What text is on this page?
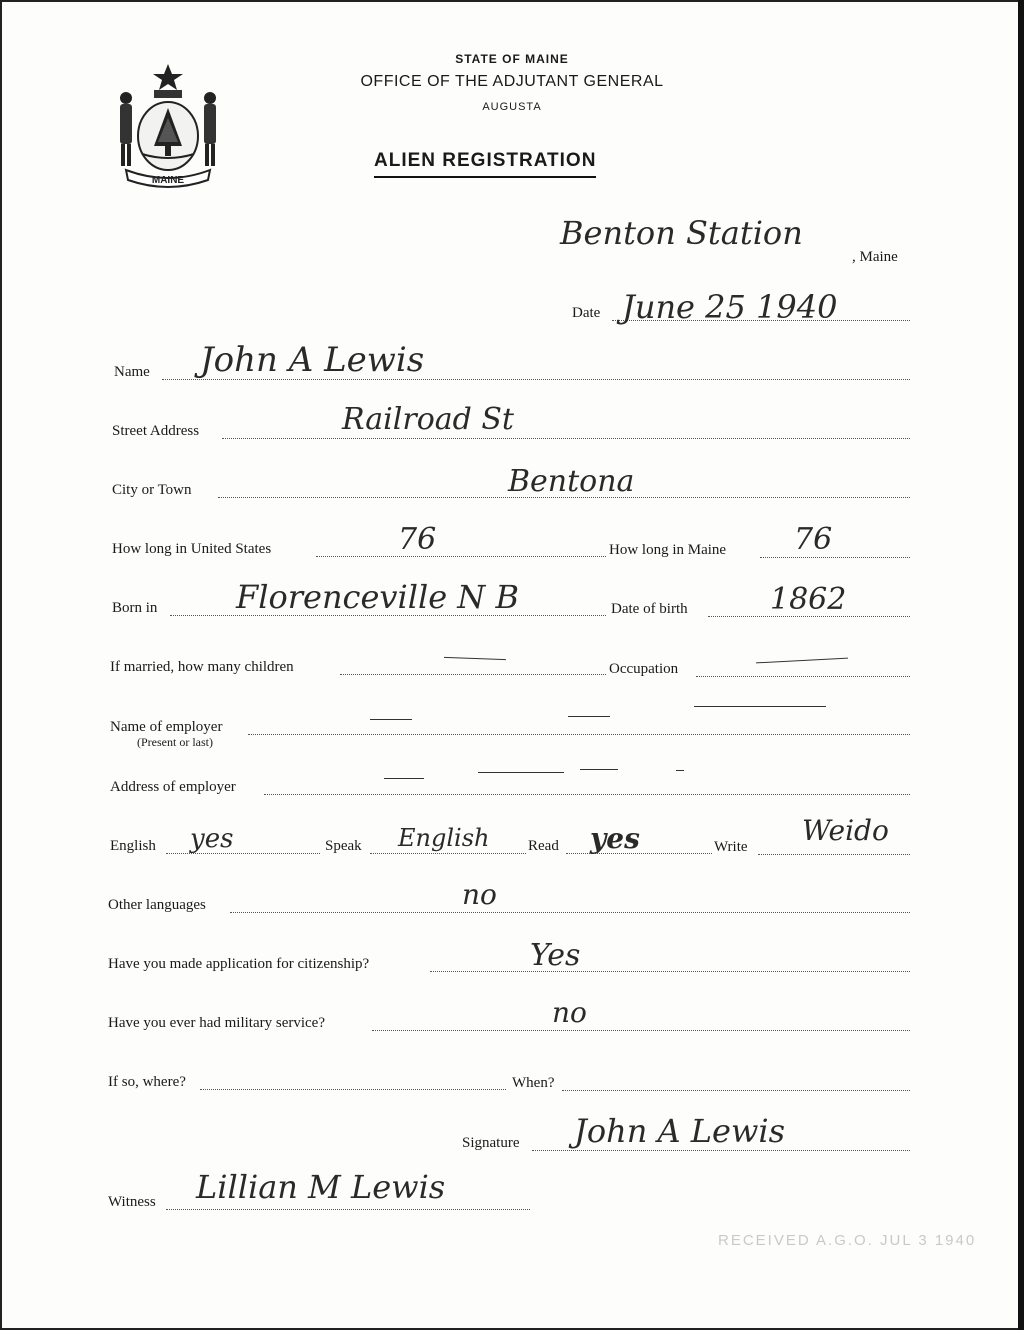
MAINE
STATE OF MAINE
OFFICE OF THE ADJUTANT GENERAL
AUGUSTA
ALIEN REGISTRATION
Benton Station
, Maine
Date June 25 1940
Name John A Lewis
Street Address	Railroad St
City or Town	Bentona
How long in United States	76	How long in Maine 76
Born in Florenceville N B	Date of birth	1862
If married, how many children	Occupation
Name of employer
(Present or last)
Address of employer
English yes	Speak English	Read yes	Write Weido
Other languages	no
Have you made application for citizenship?	Yes
Have you ever had military service?	no
If so, where?	When?
Signature John A Lewis
Witness Lillian M Lewis
RECEIVED A.G.O. JUL 3 1940
